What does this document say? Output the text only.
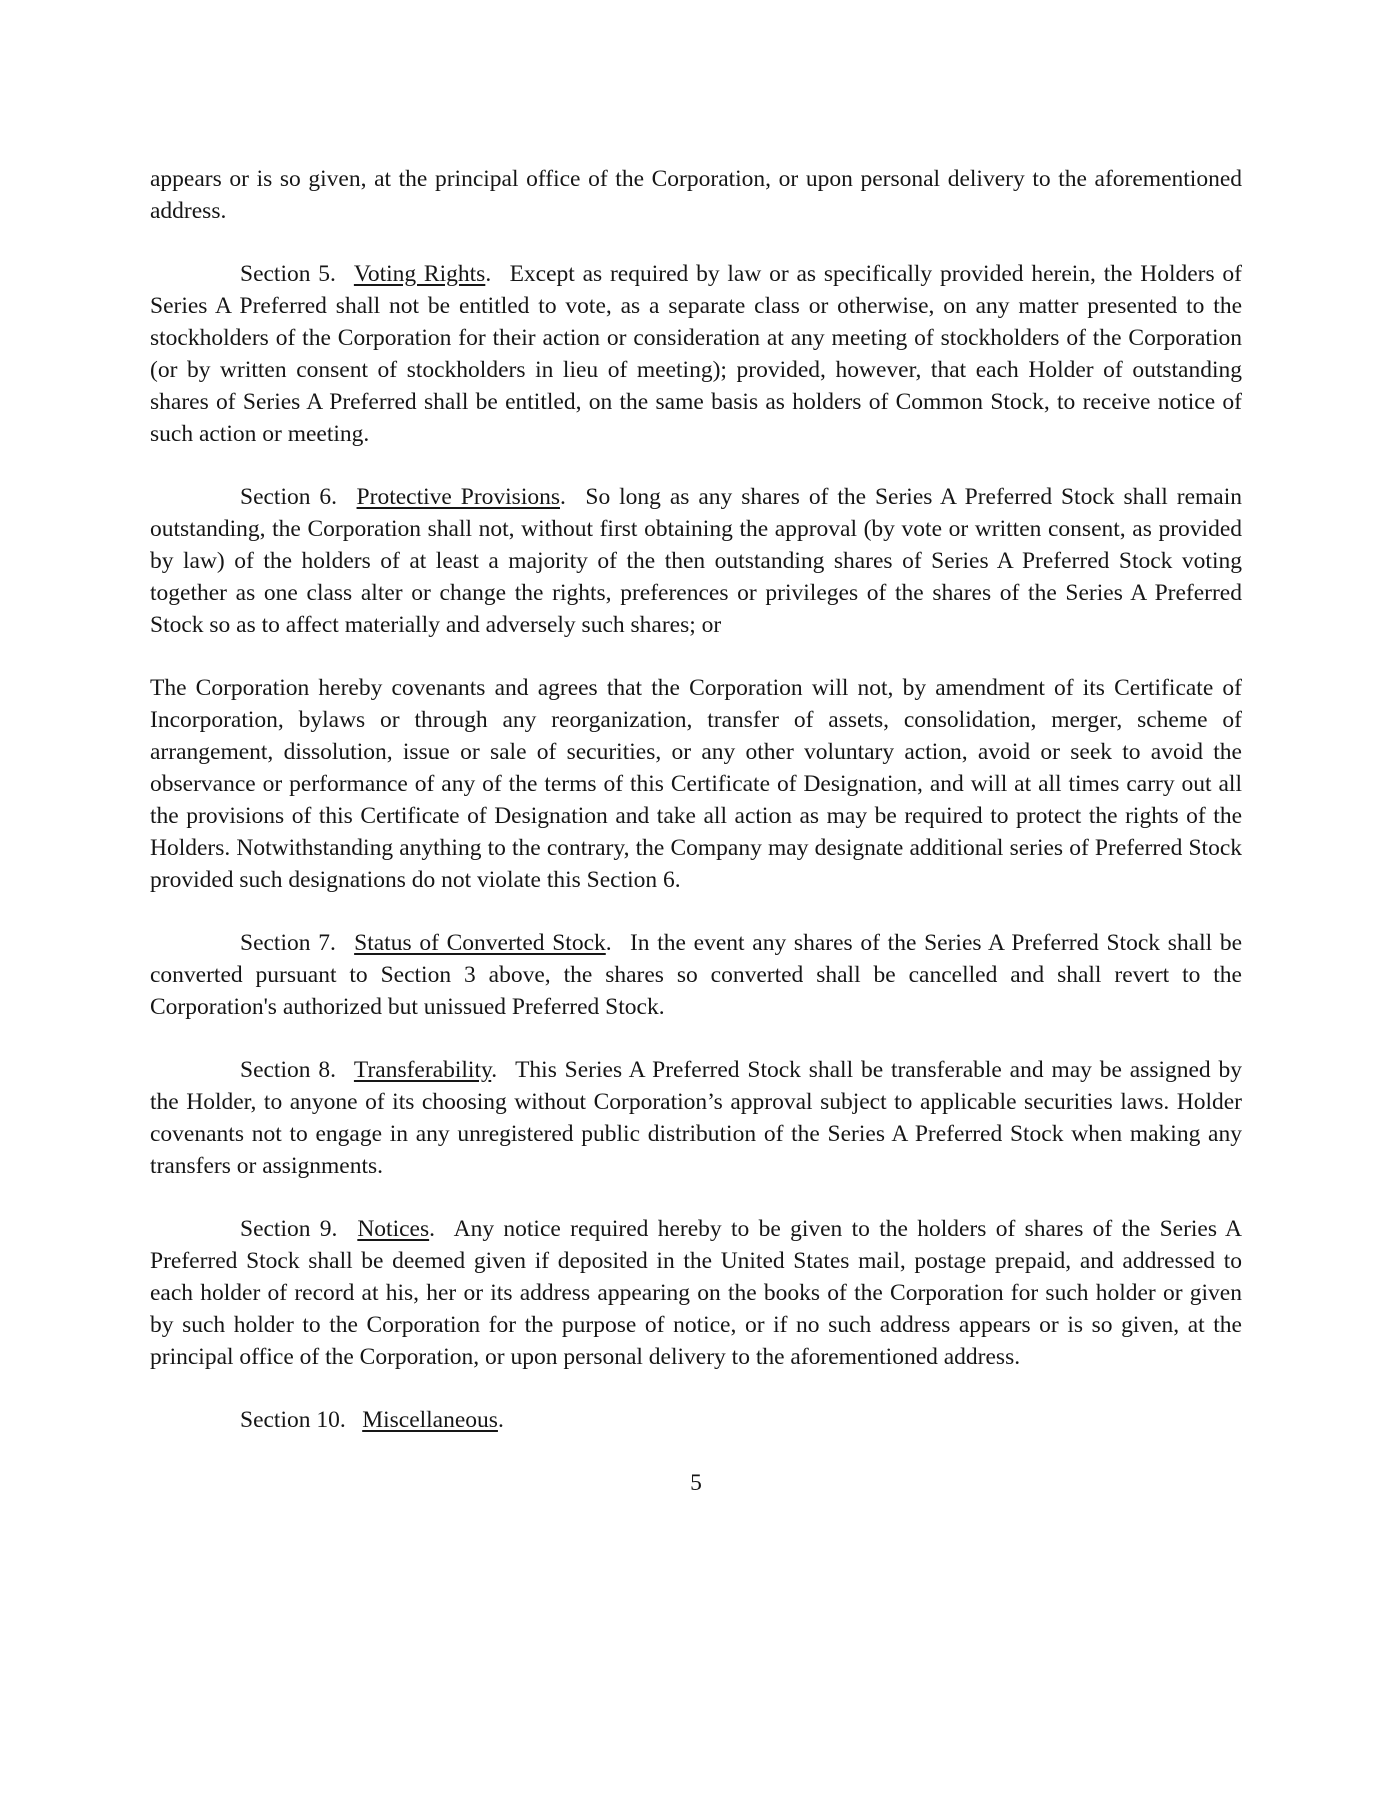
appears or is so given, at the principal office of the Corporation, or upon personal delivery to the aforementioned address.

Section 5. Voting Rights. Except as required by law or as specifically provided herein, the Holders of Series A Preferred shall not be entitled to vote, as a separate class or otherwise, on any matter presented to the stockholders of the Corporation for their action or consideration at any meeting of stockholders of the Corporation (or by written consent of stockholders in lieu of meeting); provided, however, that each Holder of outstanding shares of Series A Preferred shall be entitled, on the same basis as holders of Common Stock, to receive notice of such action or meeting.

Section 6. Protective Provisions. So long as any shares of the Series A Preferred Stock shall remain outstanding, the Corporation shall not, without first obtaining the approval (by vote or written consent, as provided by law) of the holders of at least a majority of the then outstanding shares of Series A Preferred Stock voting together as one class alter or change the rights, preferences or privileges of the shares of the Series A Preferred Stock so as to affect materially and adversely such shares; or

The Corporation hereby covenants and agrees that the Corporation will not, by amendment of its Certificate of Incorporation, bylaws or through any reorganization, transfer of assets, consolidation, merger, scheme of arrangement, dissolution, issue or sale of securities, or any other voluntary action, avoid or seek to avoid the observance or performance of any of the terms of this Certificate of Designation, and will at all times carry out all the provisions of this Certificate of Designation and take all action as may be required to protect the rights of the Holders. Notwithstanding anything to the contrary, the Company may designate additional series of Preferred Stock provided such designations do not violate this Section 6.

Section 7. Status of Converted Stock. In the event any shares of the Series A Preferred Stock shall be converted pursuant to Section 3 above, the shares so converted shall be cancelled and shall revert to the Corporation's authorized but unissued Preferred Stock.

Section 8. Transferability. This Series A Preferred Stock shall be transferable and may be assigned by the Holder, to anyone of its choosing without Corporation’s approval subject to applicable securities laws. Holder covenants not to engage in any unregistered public distribution of the Series A Preferred Stock when making any transfers or assignments.

Section 9. Notices. Any notice required hereby to be given to the holders of shares of the Series A Preferred Stock shall be deemed given if deposited in the United States mail, postage prepaid, and addressed to each holder of record at his, her or its address appearing on the books of the Corporation for such holder or given by such holder to the Corporation for the purpose of notice, or if no such address appears or is so given, at the principal office of the Corporation, or upon personal delivery to the aforementioned address.

Section 10. Miscellaneous.

5
